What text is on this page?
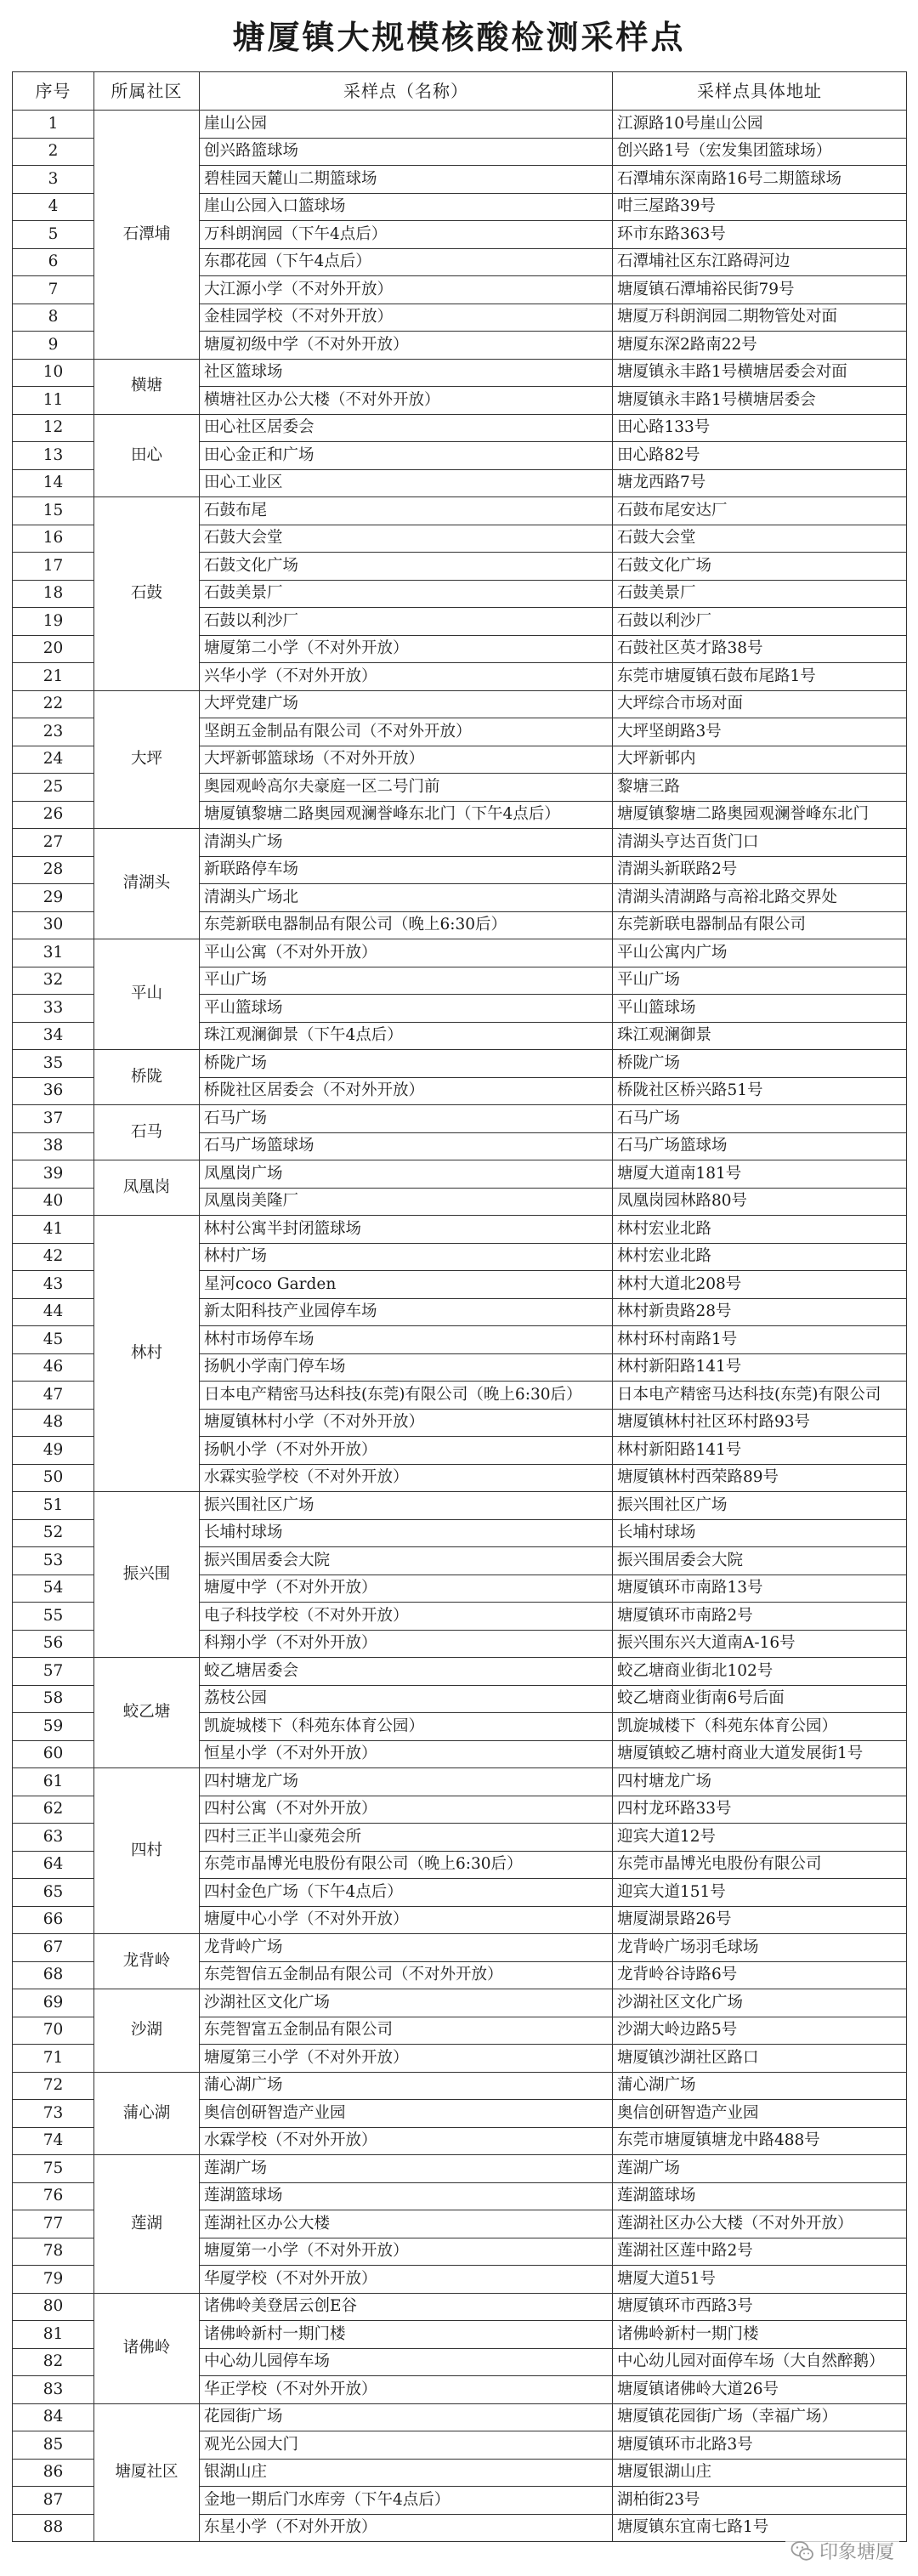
塘厦镇大规模核酸检测采样点
序号	所属社区	采样点（名称）	采样点具体地址
1	石潭埔	崖山公园	江源路10号崖山公园
2		创兴路篮球场	创兴路1号（宏发集团篮球场）
3		碧桂园天麓山二期篮球场	石潭埔东深南路16号二期篮球场
4		崖山公园入口篮球场	咁三屋路39号
5		万科朗润园（下午4点后）	环市东路363号
6		东郡花园（下午4点后）	石潭埔社区东江路碍河边
7		大江源小学（不对外开放）	塘厦镇石潭埔裕民街79号
8		金桂园学校（不对外开放）	塘厦万科朗润园二期物管处对面
9		塘厦初级中学（不对外开放）	塘厦东深2路南22号
10	横塘	社区篮球场	塘厦镇永丰路1号横塘居委会对面
11		横塘社区办公大楼（不对外开放）	塘厦镇永丰路1号横塘居委会
12	田心	田心社区居委会	田心路133号
13		田心金正和广场	田心路82号
14		田心工业区	塘龙西路7号
15	石鼓	石鼓布尾	石鼓布尾安达厂
16		石鼓大会堂	石鼓大会堂
17		石鼓文化广场	石鼓文化广场
18		石鼓美景厂	石鼓美景厂
19		石鼓以利沙厂	石鼓以利沙厂
20		塘厦第二小学（不对外开放）	石鼓社区英才路38号
21		兴华小学（不对外开放）	东莞市塘厦镇石鼓布尾路1号
22	大坪	大坪党建广场	大坪综合市场对面
23		坚朗五金制品有限公司（不对外开放）	大坪坚朗路3号
24		大坪新邨篮球场（不对外开放）	大坪新邨内
25		奥园观岭高尔夫豪庭一区二号门前	黎塘三路
26		塘厦镇黎塘二路奥园观澜誉峰东北门（下午4点后）	塘厦镇黎塘二路奥园观澜誉峰东北门
27	清湖头	清湖头广场	清湖头亨达百货门口
28		新联路停车场	清湖头新联路2号
29		清湖头广场北	清湖头清湖路与高裕北路交界处
30		东莞新联电器制品有限公司（晚上6:30后）	东莞新联电器制品有限公司
31	平山	平山公寓（不对外开放）	平山公寓内广场
32		平山广场	平山广场
33		平山篮球场	平山篮球场
34		珠江观澜御景（下午4点后）	珠江观澜御景
35	桥陇	桥陇广场	桥陇广场
36		桥陇社区居委会（不对外开放）	桥陇社区桥兴路51号
37	石马	石马广场	石马广场
38		石马广场篮球场	石马广场篮球场
39	凤凰岗	凤凰岗广场	塘厦大道南181号
40		凤凰岗美隆厂	凤凰岗园林路80号
41	林村	林村公寓半封闭篮球场	林村宏业北路
42		林村广场	林村宏业北路
43		星河coco Garden	林村大道北208号
44		新太阳科技产业园停车场	林村新贵路28号
45		林村市场停车场	林村环村南路1号
46		扬帆小学南门停车场	林村新阳路141号
47		日本电产精密马达科技(东莞)有限公司（晚上6:30后）	日本电产精密马达科技(东莞)有限公司
48		塘厦镇林村小学（不对外开放）	塘厦镇林村社区环村路93号
49		扬帆小学（不对外开放）	林村新阳路141号
50		水霖实验学校（不对外开放）	塘厦镇林村西荣路89号
51	振兴围	振兴围社区广场	振兴围社区广场
52		长埔村球场	长埔村球场
53		振兴围居委会大院	振兴围居委会大院
54		塘厦中学（不对外开放）	塘厦镇环市南路13号
55		电子科技学校（不对外开放）	塘厦镇环市南路2号
56		科翔小学（不对外开放）	振兴围东兴大道南A-16号
57	蛟乙塘	蛟乙塘居委会	蛟乙塘商业街北102号
58		荔枝公园	蛟乙塘商业街南6号后面
59		凯旋城楼下（科苑东体育公园）	凯旋城楼下（科苑东体育公园）
60		恒星小学（不对外开放）	塘厦镇蛟乙塘村商业大道发展街1号
61	四村	四村塘龙广场	四村塘龙广场
62		四村公寓（不对外开放）	四村龙环路33号
63		四村三正半山豪苑会所	迎宾大道12号
64		东莞市晶博光电股份有限公司（晚上6:30后）	东莞市晶博光电股份有限公司
65		四村金色广场（下午4点后）	迎宾大道151号
66		塘厦中心小学（不对外开放）	塘厦湖景路26号
67	龙背岭	龙背岭广场	龙背岭广场羽毛球场
68		东莞智信五金制品有限公司（不对外开放）	龙背岭谷诗路6号
69	沙湖	沙湖社区文化广场	沙湖社区文化广场
70		东莞智富五金制品有限公司	沙湖大岭边路5号
71		塘厦第三小学（不对外开放）	塘厦镇沙湖社区路口
72	蒲心湖	蒲心湖广场	蒲心湖广场
73		奥信创研智造产业园	奥信创研智造产业园
74		水霖学校（不对外开放）	东莞市塘厦镇塘龙中路488号
75	莲湖	莲湖广场	莲湖广场
76		莲湖篮球场	莲湖篮球场
77		莲湖社区办公大楼	莲湖社区办公大楼（不对外开放）
78		塘厦第一小学（不对外开放）	莲湖社区莲中路2号
79		华厦学校（不对外开放）	塘厦大道51号
80	诸佛岭	诸佛岭美登居云创E谷	塘厦镇环市西路3号
81		诸佛岭新村一期门楼	诸佛岭新村一期门楼
82		中心幼儿园停车场	中心幼儿园对面停车场（大自然醉鹅）
83		华正学校（不对外开放）	塘厦镇诸佛岭大道26号
84	塘厦社区	花园街广场	塘厦镇花园街广场（幸福广场）
85		观光公园大门	塘厦镇环市北路3号
86		银湖山庄	塘厦银湖山庄
87		金地一期后门水库旁（下午4点后）	湖柏街23号
88		东星小学（不对外开放）	塘厦镇东宜南七路1号
印象塘厦
